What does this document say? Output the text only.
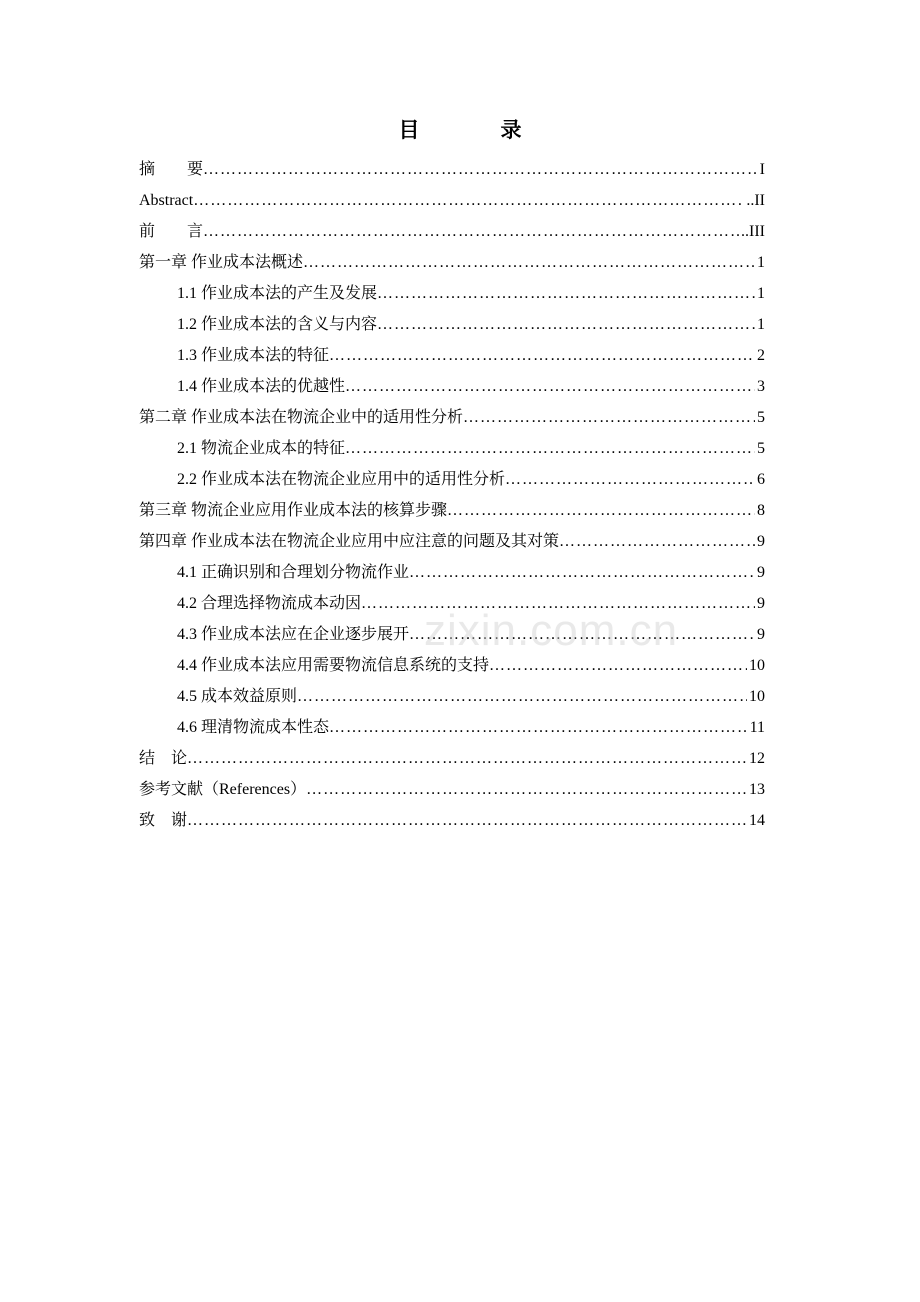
目　录
摘　　要 …………………………………………………………………………………………………………………………………………………………………………	I
Abstract …………………………………………………………………………………………………………………………………………………………………………	..II
前　　言 …………………………………………………………………………………………………………………………………………………………………………	..III
第一章 作业成本法概述 …………………………………………………………………………………………………………………………………………………………………………	1
1.1 作业成本法的产生及发展 …………………………………………………………………………………………………………………………………………………………………………	1
1.2 作业成本法的含义与内容 …………………………………………………………………………………………………………………………………………………………………………	1
1.3 作业成本法的特征 …………………………………………………………………………………………………………………………………………………………………………	2
1.4 作业成本法的优越性 …………………………………………………………………………………………………………………………………………………………………………	3
第二章 作业成本法在物流企业中的适用性分析 …………………………………………………………………………………………………………………………………………………………………………	5
2.1 物流企业成本的特征 …………………………………………………………………………………………………………………………………………………………………………	5
2.2 作业成本法在物流企业应用中的适用性分析 …………………………………………………………………………………………………………………………………………………………………………	6
第三章 物流企业应用作业成本法的核算步骤 …………………………………………………………………………………………………………………………………………………………………………	8
第四章 作业成本法在物流企业应用中应注意的问题及其对策 …………………………………………………………………………………………………………………………………………………………………………	9
4.1 正确识别和合理划分物流作业 …………………………………………………………………………………………………………………………………………………………………………	9
4.2 合理选择物流成本动因 …………………………………………………………………………………………………………………………………………………………………………	9
4.3 作业成本法应在企业逐步展开 …………………………………………………………………………………………………………………………………………………………………………	9
4.4 作业成本法应用需要物流信息系统的支持 …………………………………………………………………………………………………………………………………………………………………………	10
4.5 成本效益原则 …………………………………………………………………………………………………………………………………………………………………………	10
4.6 理清物流成本性态 …………………………………………………………………………………………………………………………………………………………………………	11
结　论 …………………………………………………………………………………………………………………………………………………………………………	12
参考文献（References） …………………………………………………………………………………………………………………………………………………………………………	13
致　谢 …………………………………………………………………………………………………………………………………………………………………………	14
zixin.com.cn
